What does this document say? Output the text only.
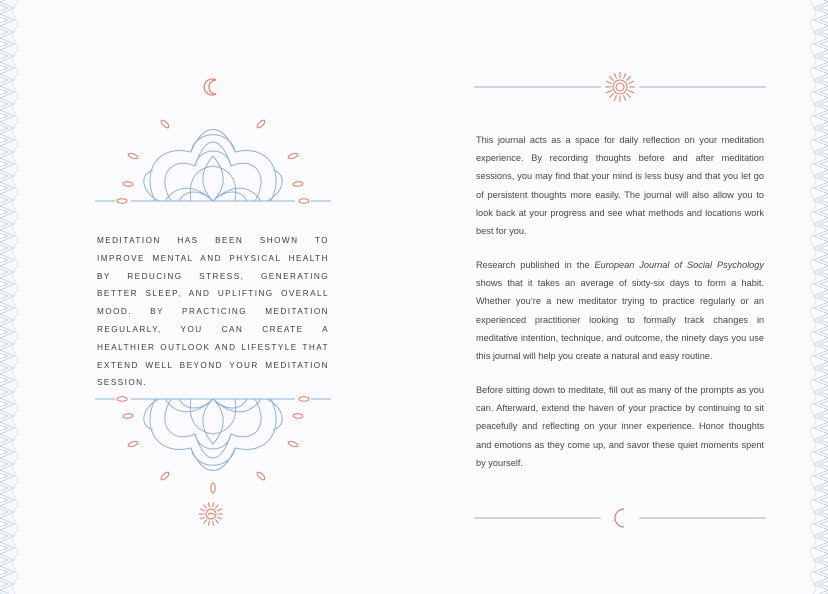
MEDITATION HAS BEEN SHOWN TO IMPROVE MENTAL AND PHYSICAL HEALTH BY REDUCING STRESS, GENERATING BETTER SLEEP, AND UPLIFTING OVERALL MOOD. BY PRACTICING MEDITATION REGULARLY, YOU CAN CREATE A HEALTHIER OUTLOOK AND LIFESTYLE THAT EXTEND WELL BEYOND YOUR MEDITATION SESSION.

This journal acts as a space for daily reflection on your meditation experience. By recording thoughts before and after meditation sessions, you may find that your mind is less busy and that you let go of persistent thoughts more easily. The journal will also allow you to look back at your progress and see what methods and locations work best for you.

Research published in the European Journal of Social Psychology shows that it takes an average of sixty-six days to form a habit. Whether you’re a new meditator trying to practice regularly or an experienced practitioner looking to formally track changes in meditative intention, technique, and outcome, the ninety days you use this journal will help you create a natural and easy routine.

Before sitting down to meditate, fill out as many of the prompts as you can. Afterward, extend the haven of your practice by continuing to sit peacefully and reflecting on your inner experience. Honor thoughts and emotions as they come up, and savor these quiet moments spent by yourself.
